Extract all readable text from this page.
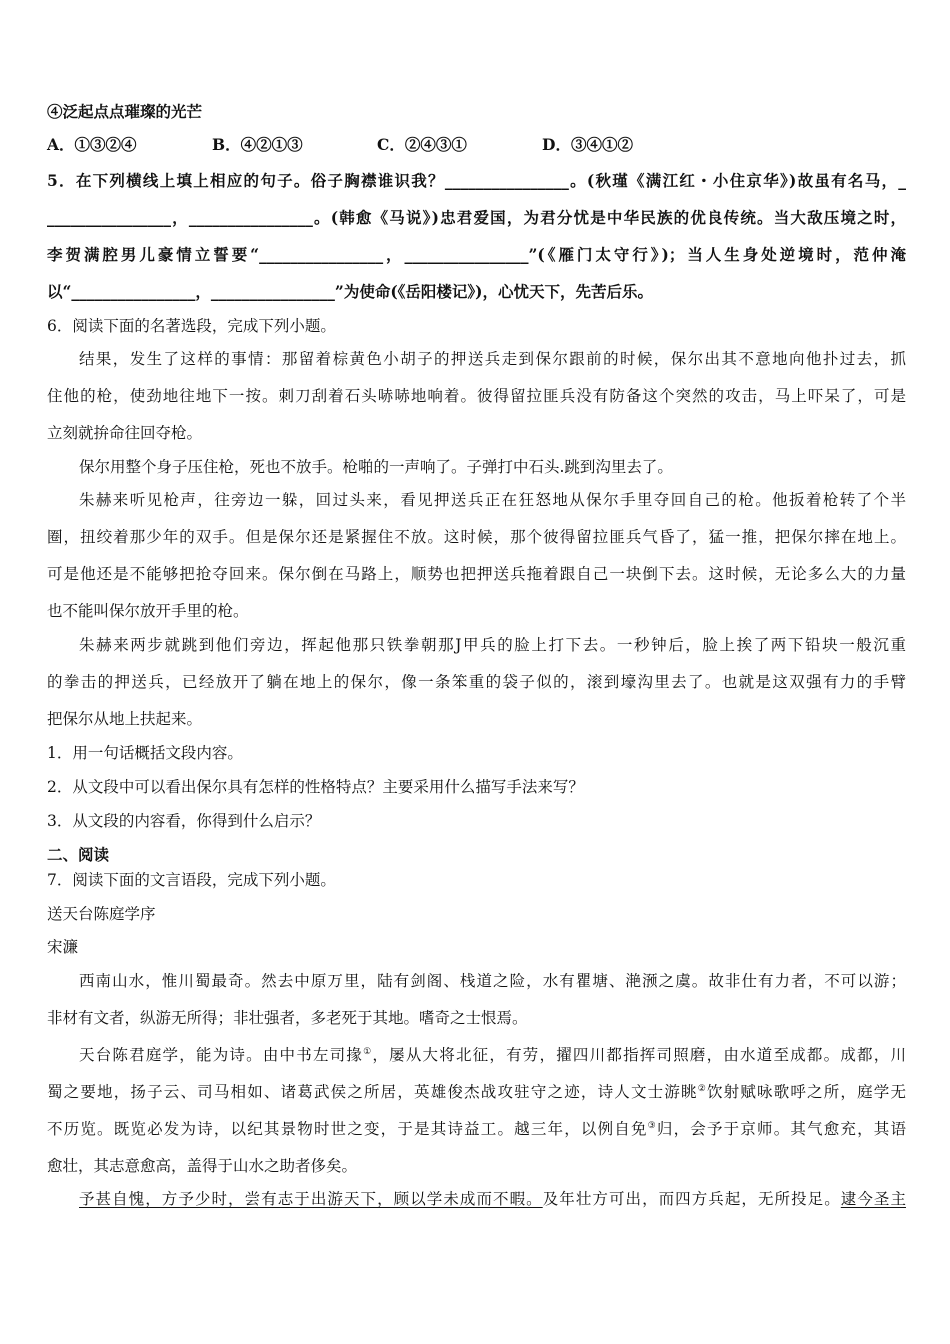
④泛起点点璀璨的光芒
A．①③②④	B．④②①③	C．②④③①	D．③④①②
5．在下列横线上填上相应的句子。俗子胸襟谁识我？________________。(秋瑾《满江红・小住京华》)故虽有名马，_
________________，________________。(韩愈《马说》)忠君爱国，为君分忧是中华民族的优良传统。当大敌压境之时，
李贺满腔男儿豪情立誓要“________________，________________”(《雁门太守行》)；当人生身处逆境时，范仲淹
以“________________，________________”为使命(《岳阳楼记》)，心忧天下，先苦后乐。
6．阅读下面的名著选段，完成下列小题。
结果，发生了这样的事情：那留着棕黄色小胡子的押送兵走到保尔跟前的时候，保尔出其不意地向他扑过去，抓
住他的枪，使劲地往地下一按。刺刀刮着石头哧哧地响着。彼得留拉匪兵没有防备这个突然的攻击，马上吓呆了，可是
立刻就拚命往回夺枪。
保尔用整个身子压住枪，死也不放手。枪啪的一声响了。子弹打中石头.跳到沟里去了。
朱赫来听见枪声，往旁边一躲，回过头来，看见押送兵正在狂怒地从保尔手里夺回自己的枪。他扳着枪转了个半
圈，扭绞着那少年的双手。但是保尔还是紧握住不放。这时候，那个彼得留拉匪兵气昏了，猛一推，把保尔摔在地上。
可是他还是不能够把抢夺回来。保尔倒在马路上，顺势也把押送兵拖着跟自己一块倒下去。这时候，无论多么大的力量
也不能叫保尔放开手里的枪。
朱赫来两步就跳到他们旁边，挥起他那只铁拳朝那J甲兵的脸上打下去。一秒钟后，脸上挨了两下铅块一般沉重
的拳击的押送兵，已经放开了躺在地上的保尔，像一条笨重的袋子似的，滚到壕沟里去了。也就是这双强有力的手臂
把保尔从地上扶起来。
1．用一句话概括文段内容。
2．从文段中可以看出保尔具有怎样的性格特点？主要采用什么描写手法来写？
3．从文段的内容看，你得到什么启示？
二、阅读
7．阅读下面的文言语段，完成下列小题。
送天台陈庭学序
宋濂
西南山水，惟川蜀最奇。然去中原万里，陆有剑阁、栈道之险，水有瞿塘、滟滪之虞。故非仕有力者，不可以游；
非材有文者，纵游无所得；非壮强者，多老死于其地。嗜奇之士恨焉。
天台陈君庭学，能为诗。由中书左司掾①，屡从大将北征，有劳，擢四川都指挥司照磨，由水道至成都。成都，川
蜀之要地，扬子云、司马相如、诸葛武侯之所居，英雄俊杰战攻驻守之迹，诗人文士游眺②饮射赋咏歌呼之所，庭学无
不历览。既览必发为诗，以纪其景物时世之变，于是其诗益工。越三年，以例自免③归，会予于京师。其气愈充，其语
愈壮，其志意愈高，盖得于山水之助者侈矣。
予甚自愧，方予少时，尝有志于出游天下，顾以学未成而不暇。及年壮方可出，而四方兵起，无所投足。逮今圣主
